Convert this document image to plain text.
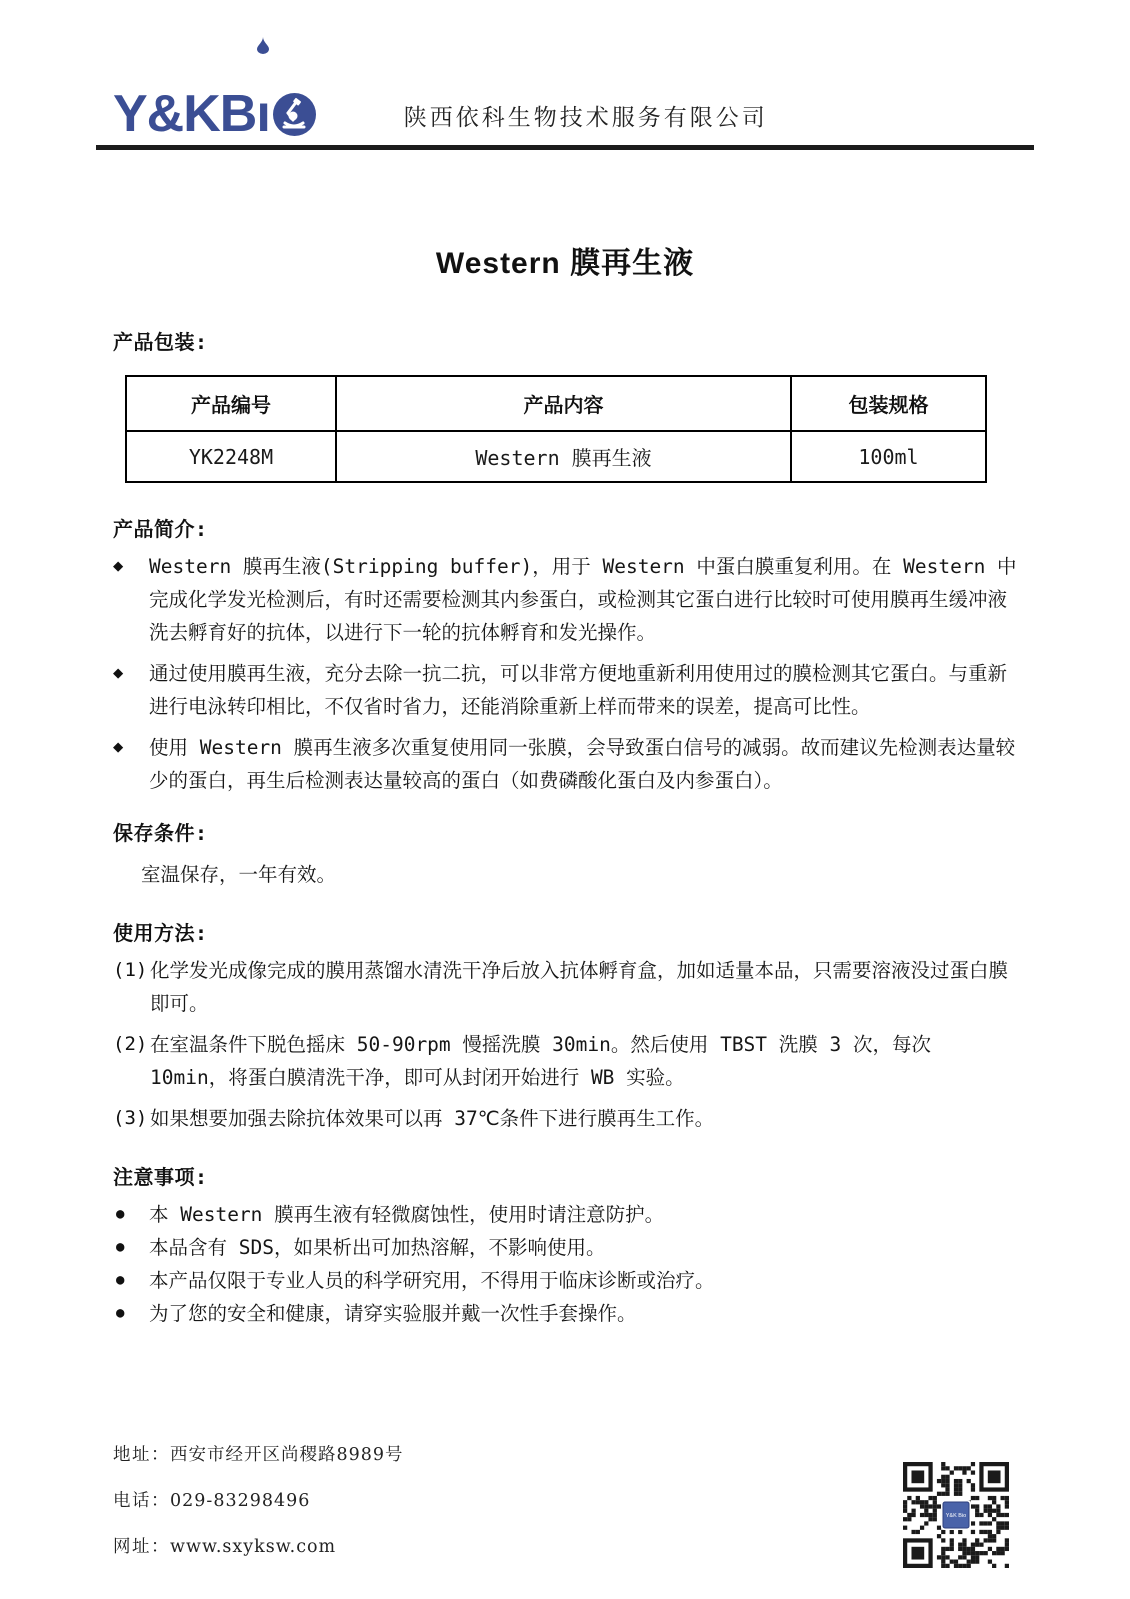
Y&KB ı	陕西依科生物技术服务有限公司
Western 膜再生液
产品包装:
产品编号	产品内容	包装规格
YK2248M	Western 膜再生液	100ml
产品简介:
◆	Western 膜再生液(Stripping buffer)，用于 Western 中蛋白膜重复利用。在 Western 中完成化学发光检测后，有时还需要检测其内参蛋白，或检测其它蛋白进行比较时可使用膜再生缓冲液洗去孵育好的抗体，以进行下一轮的抗体孵育和发光操作。
◆	通过使用膜再生液，充分去除一抗二抗，可以非常方便地重新利用使用过的膜检测其它蛋白。与重新进行电泳转印相比，不仅省时省力，还能消除重新上样而带来的误差，提高可比性。
◆	使用 Western 膜再生液多次重复使用同一张膜，会导致蛋白信号的减弱。故而建议先检测表达量较少的蛋白，再生后检测表达量较高的蛋白（如费磷酸化蛋白及内参蛋白）。
保存条件:
室温保存，一年有效。
使用方法:
(1) 化学发光成像完成的膜用蒸馏水清洗干净后放入抗体孵育盒，加如适量本品，只需要溶液没过蛋白膜即可。
(2) 在室温条件下脱色摇床 50-90rpm 慢摇洗膜 30min。然后使用 TBST 洗膜 3 次，每次 10min，将蛋白膜清洗干净，即可从封闭开始进行 WB 实验。
(3) 如果想要加强去除抗体效果可以再 37℃条件下进行膜再生工作。
注意事项:
●	本 Western 膜再生液有轻微腐蚀性，使用时请注意防护。
●	本品含有 SDS，如果析出可加热溶解，不影响使用。
●	本产品仅限于专业人员的科学研究用，不得用于临床诊断或治疗。
●	为了您的安全和健康，请穿实验服并戴一次性手套操作。
地址： 西安市经开区尚稷路8989号
电话： 029-83298496
网址： www.sxyksw.com
Y&K Bio
